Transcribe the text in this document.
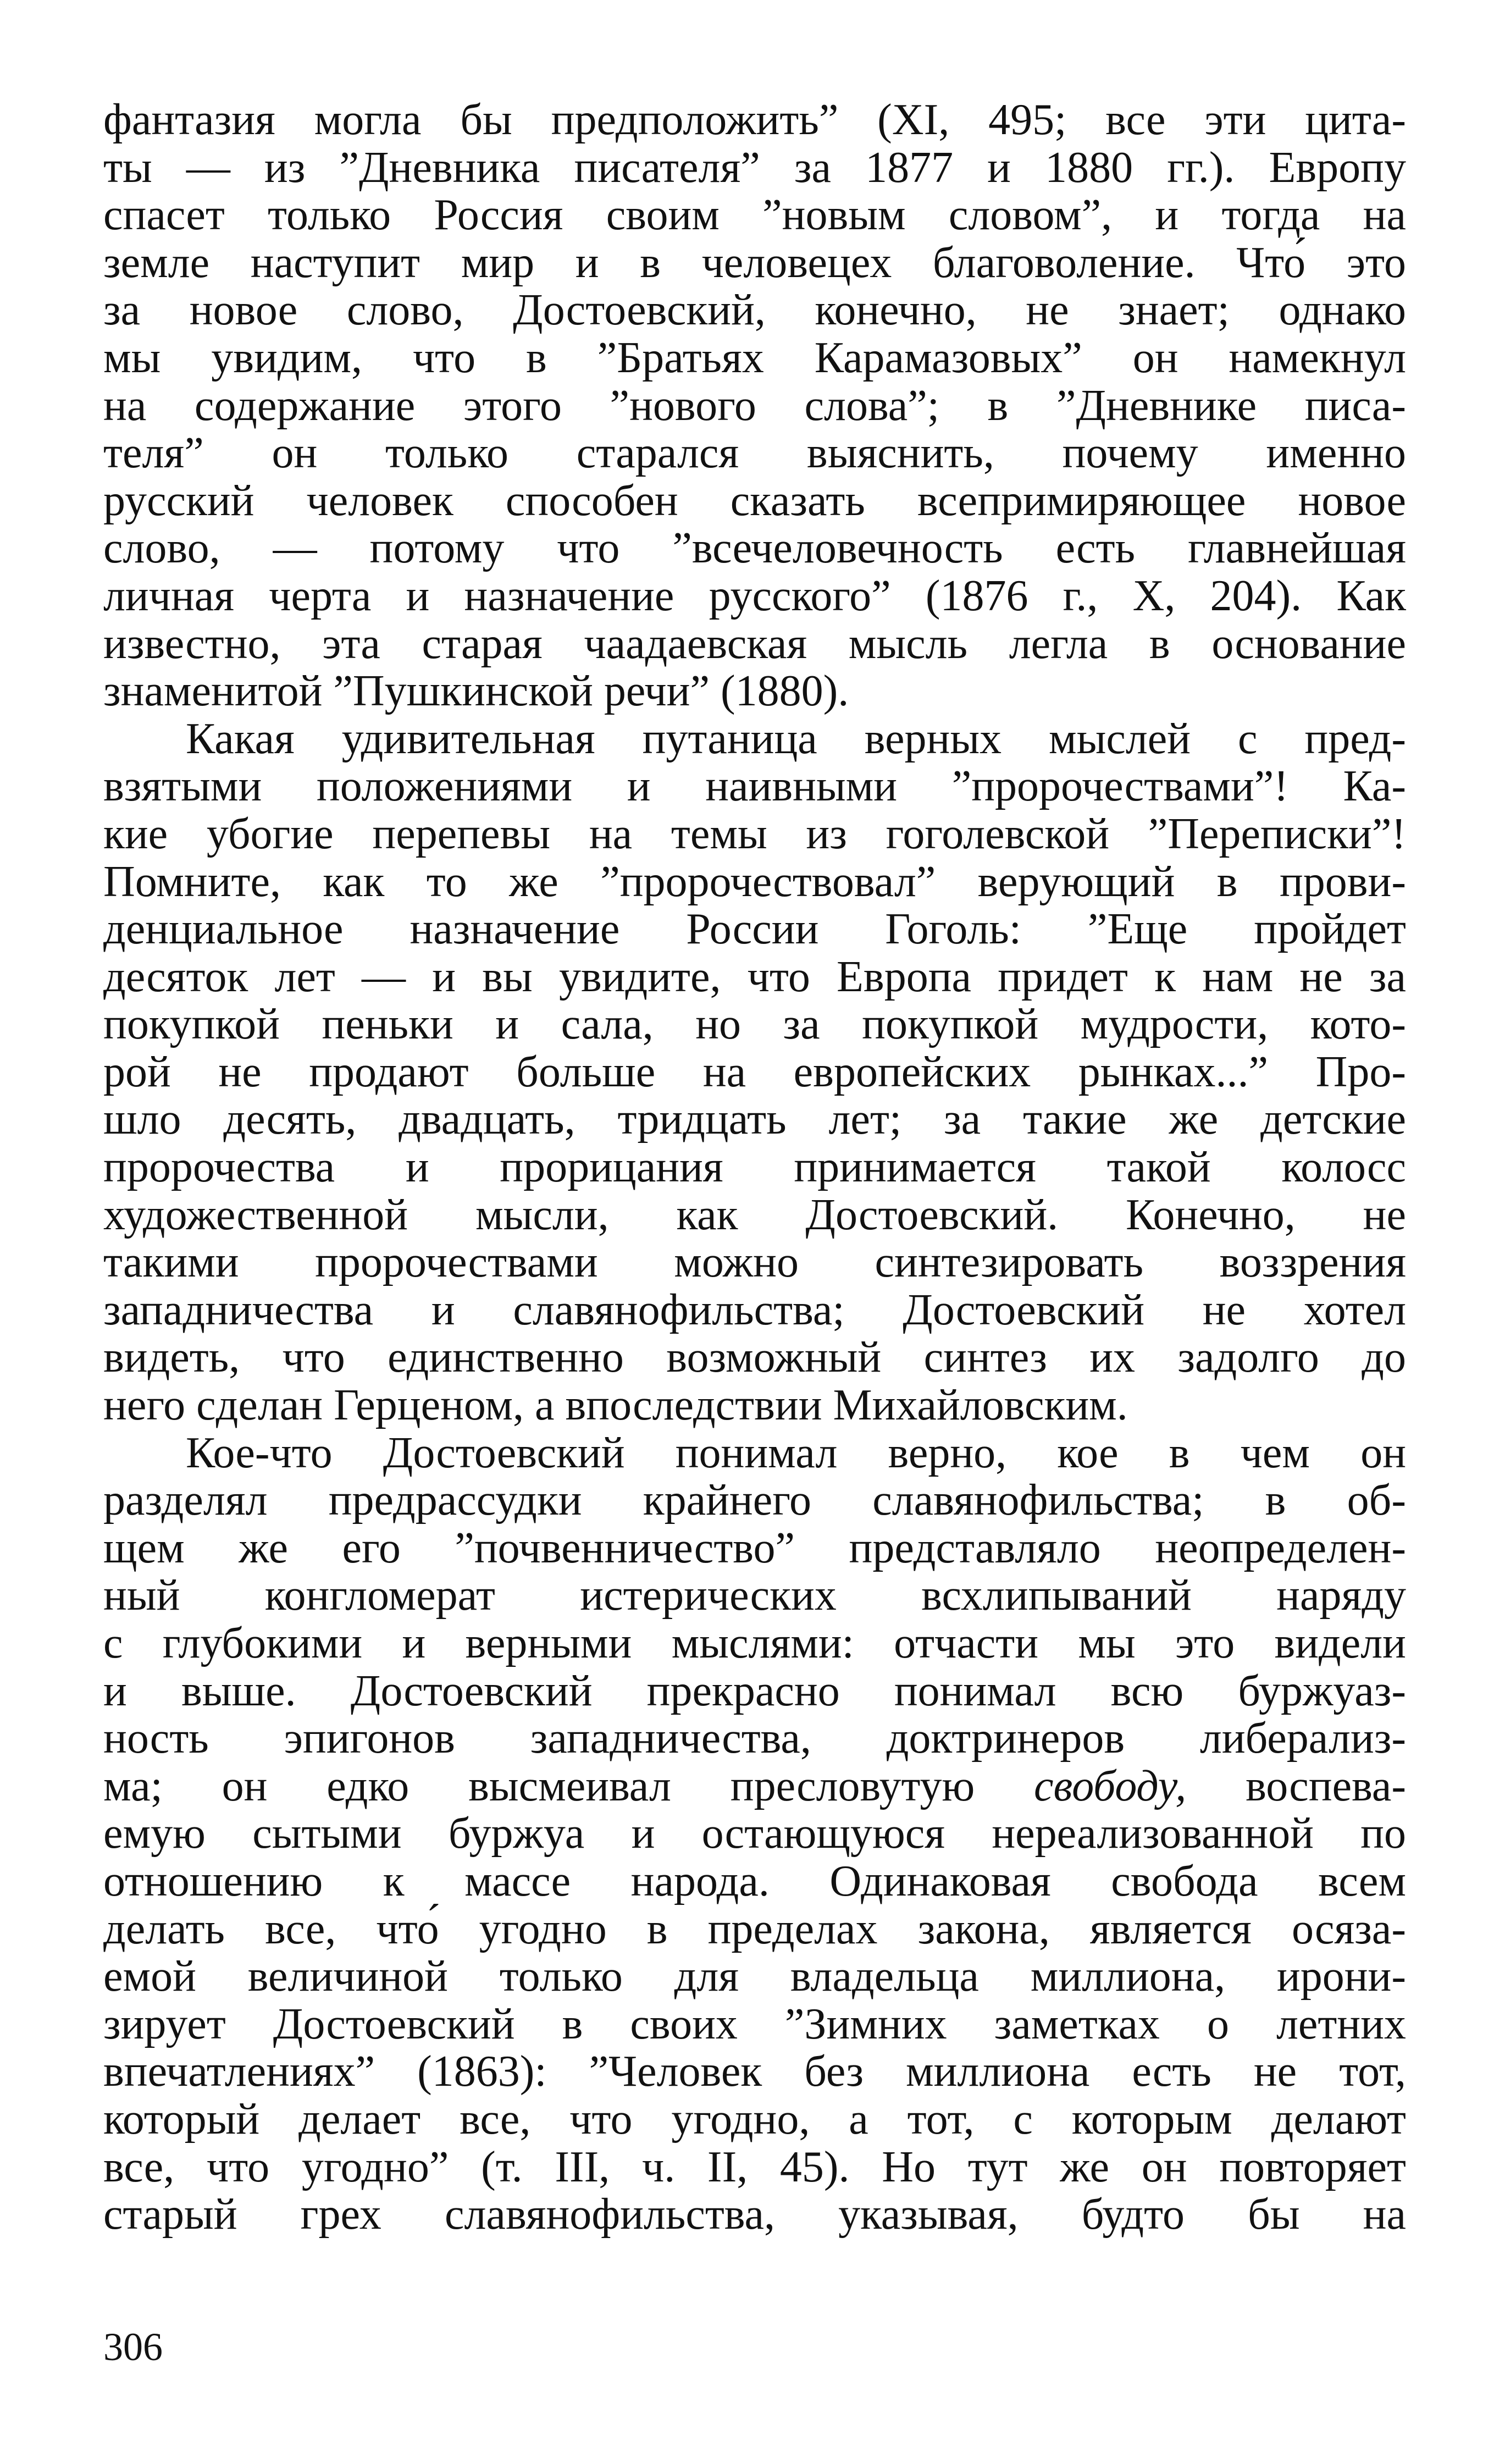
фантазия могла бы предположить” (XI, 495; все эти цита-
ты — из ”Дневника писателя” за 1877 и 1880 гг.). Европу
спасет только Россия своим ”новым словом”, и тогда на
земле наступит мир и в человецех благоволение. Что́ это
за новое слово, Достоевский, конечно, не знает; однако
мы увидим, что в ”Братьях Карамазовых” он намекнул
на содержание этого ”нового слова”; в ”Дневнике писа-
теля” он только старался выяснить, почему именно
русский человек способен сказать всепримиряющее новое
слово, — потому что ”всечеловечность есть главнейшая
личная черта и назначение русского” (1876 г., X, 204). Как
известно, эта старая чаадаевская мысль легла в основание
знаменитой ”Пушкинской речи” (1880).
Какая удивительная путаница верных мыслей с пред-
взятыми положениями и наивными ”пророчествами”! Ка-
кие убогие перепевы на темы из гоголевской ”Переписки”!
Помните, как то же ”пророчествовал” верующий в прови-
денциальное назначение России Гоголь: ”Еще пройдет
десяток лет — и вы увидите, что Европа придет к нам не за
покупкой пеньки и сала, но за покупкой мудрости, кото-
рой не продают больше на европейских рынках...” Про-
шло десять, двадцать, тридцать лет; за такие же детские
пророчества и прорицания принимается такой колосс
художественной мысли, как Достоевский. Конечно, не
такими пророчествами можно синтезировать воззрения
западничества и славянофильства; Достоевский не хотел
видеть, что единственно возможный синтез их задолго до
него сделан Герценом, а впоследствии Михайловским.
Кое-что Достоевский понимал верно, кое в чем он
разделял предрассудки крайнего славянофильства; в об-
щем же его ”почвенничество” представляло неопределен-
ный конгломерат истерических всхлипываний наряду
с глубокими и верными мыслями: отчасти мы это видели
и выше. Достоевский прекрасно понимал всю буржуаз-
ность эпигонов западничества, доктринеров либерализ-
ма; он едко высмеивал пресловутую свободу, воспева-
емую сытыми буржуа и остающуюся нереализованной по
отношению к массе народа. Одинаковая свобода всем
делать все, что́ угодно в пределах закона, является осяза-
емой величиной только для владельца миллиона, ирони-
зирует Достоевский в своих ”Зимних заметках о летних
впечатлениях” (1863): ”Человек без миллиона есть не тот,
который делает все, что угодно, а тот, с которым делают
все, что угодно” (т. III, ч. II, 45). Но тут же он повторяет
старый грех славянофильства, указывая, будто бы на
306
